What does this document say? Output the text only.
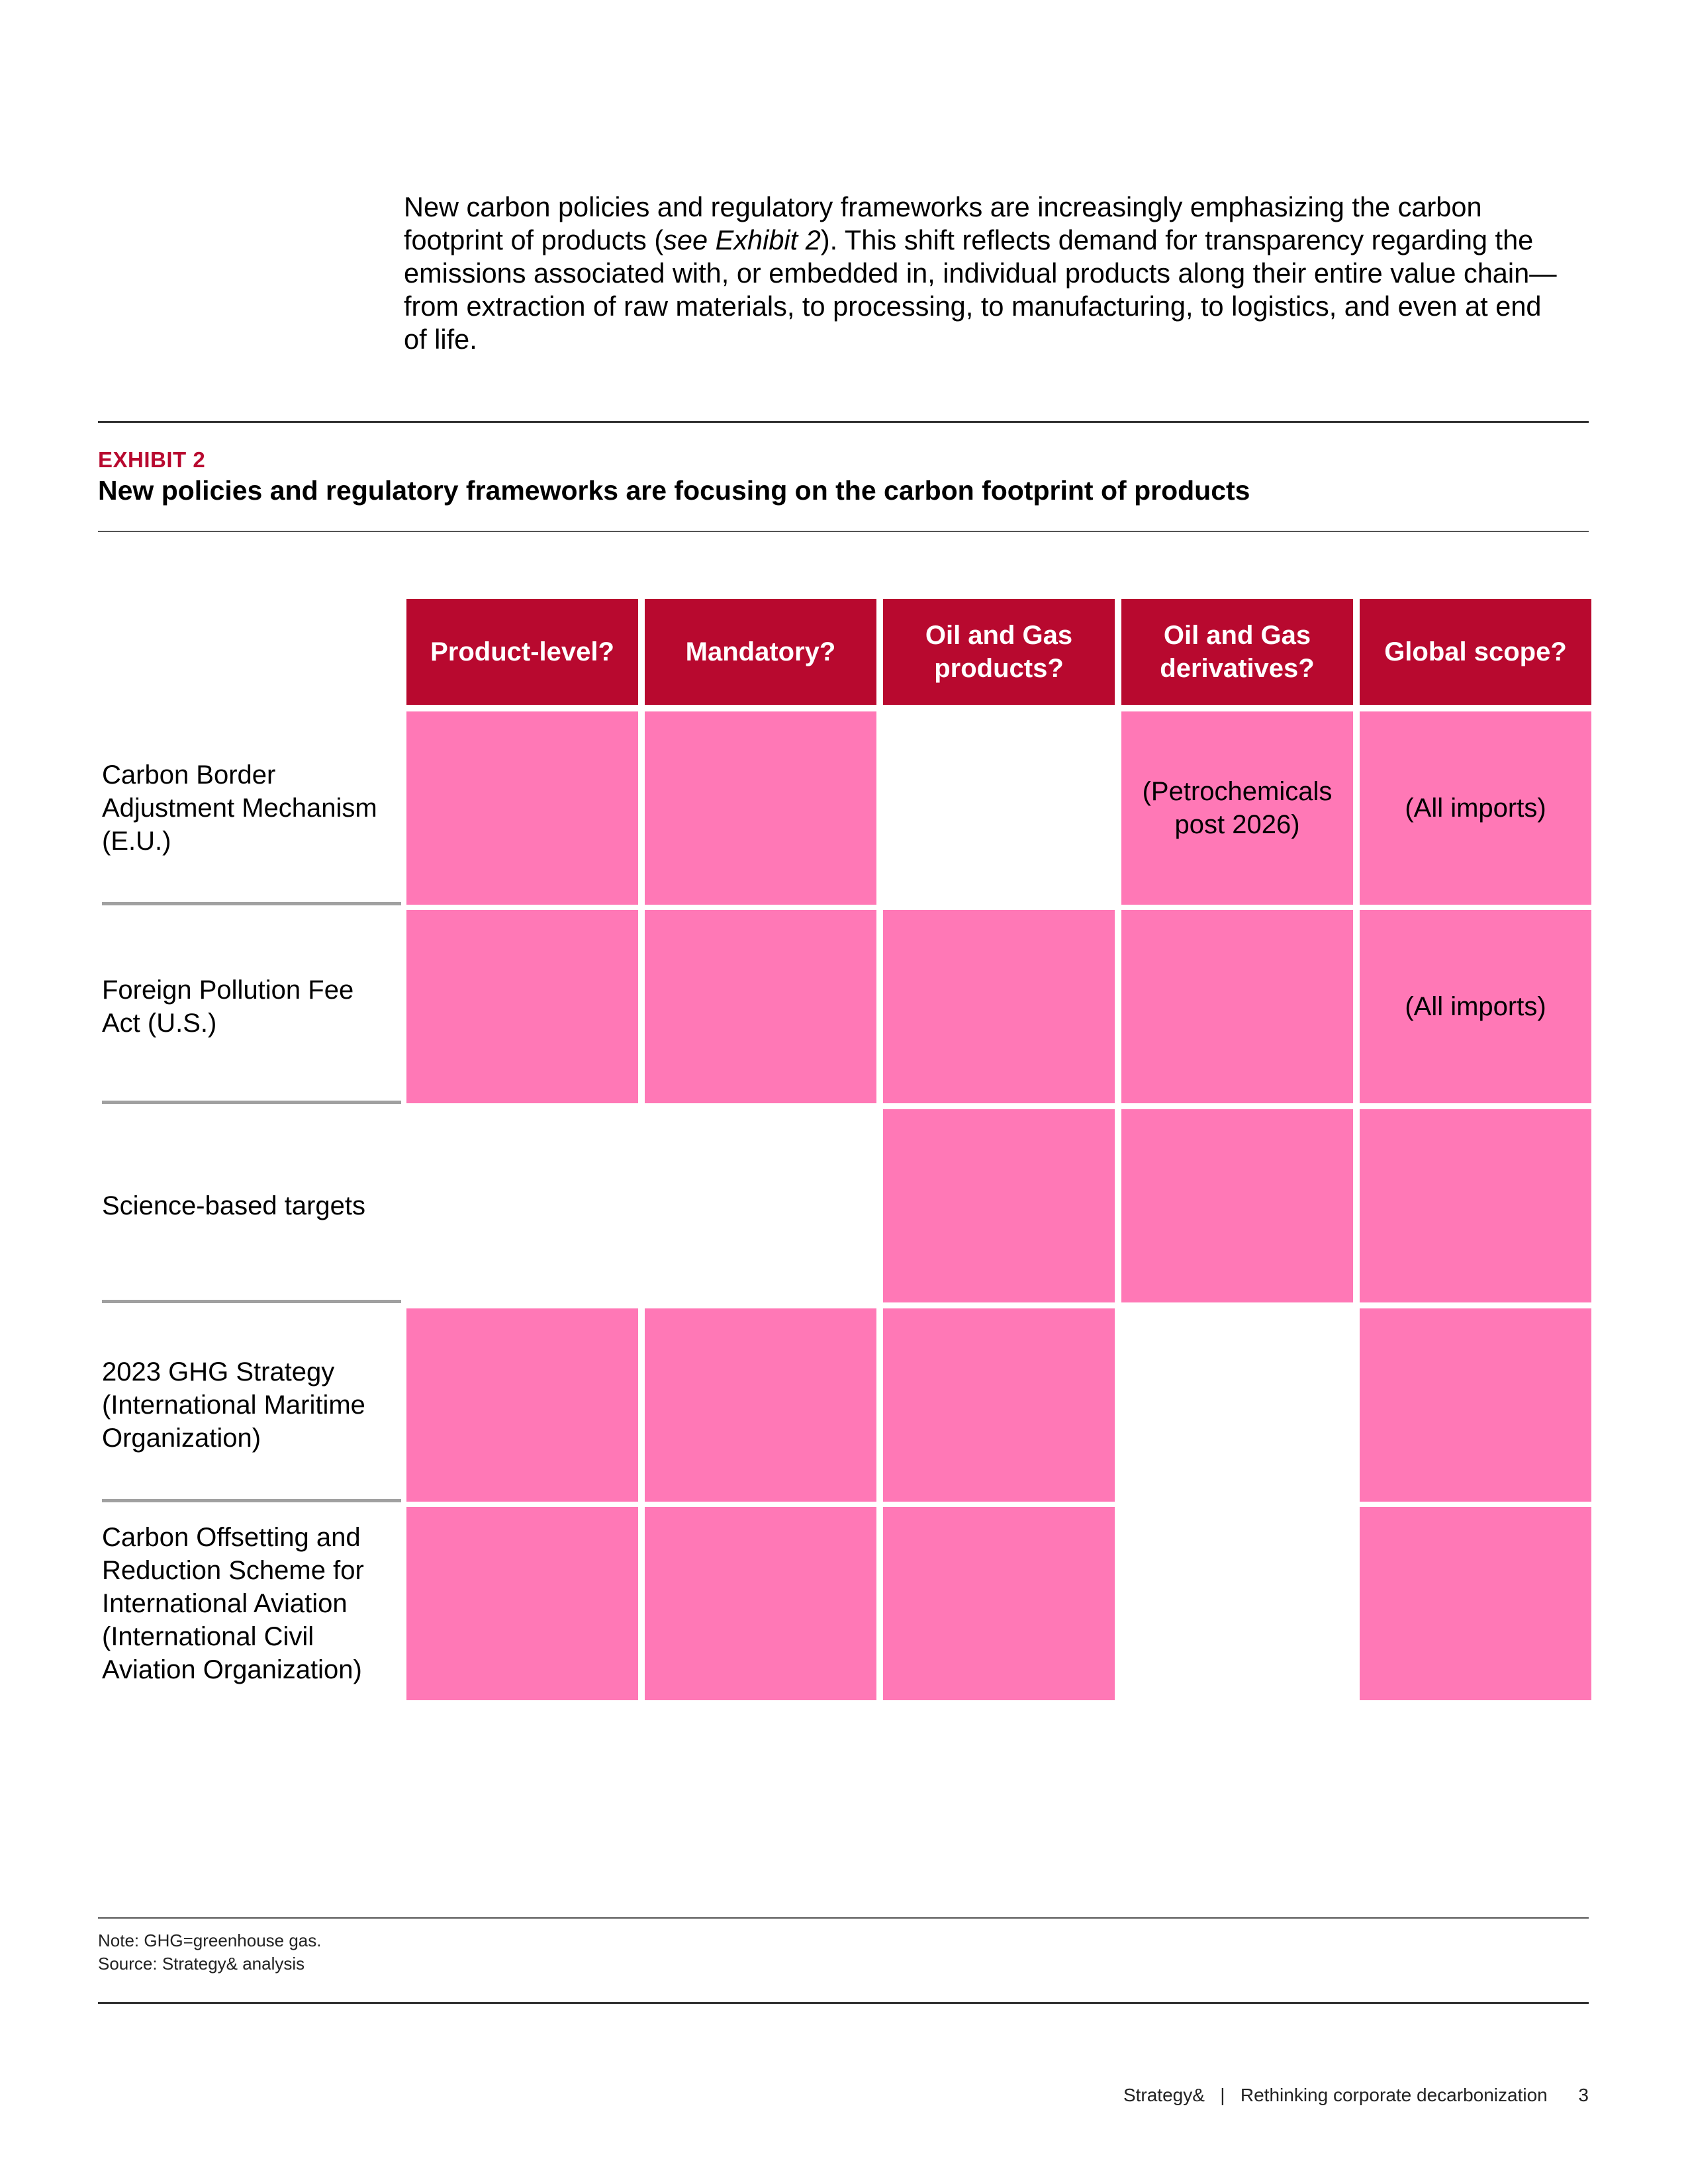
New carbon policies and regulatory frameworks are increasingly emphasizing the carbon footprint of products (see Exhibit 2). This shift reflects demand for transparency regarding the emissions associated with, or embedded in, individual products along their entire value chain—from extraction of raw materials, to processing, to manufacturing, to logistics, and even at end of life.

EXHIBIT 2
New policies and regulatory frameworks are focusing on the carbon footprint of products
Product-level?	Mandatory?
Oil and Gas products?
Oil and Gas derivatives?
Global scope?
Carbon Border Adjustment Mechanism (E.U.)
(Petrochemicals post 2026)
(All imports)
Foreign Pollution Fee Act (U.S.)
(All imports)
Science-based targets
2023 GHG Strategy (International Maritime Organization)
Carbon Offsetting and Reduction Scheme for International Aviation (International Civil Aviation Organization)
Note: GHG=greenhouse gas.
Source: Strategy& analysis
Strategy&
|
Rethinking corporate decarbonization
3
